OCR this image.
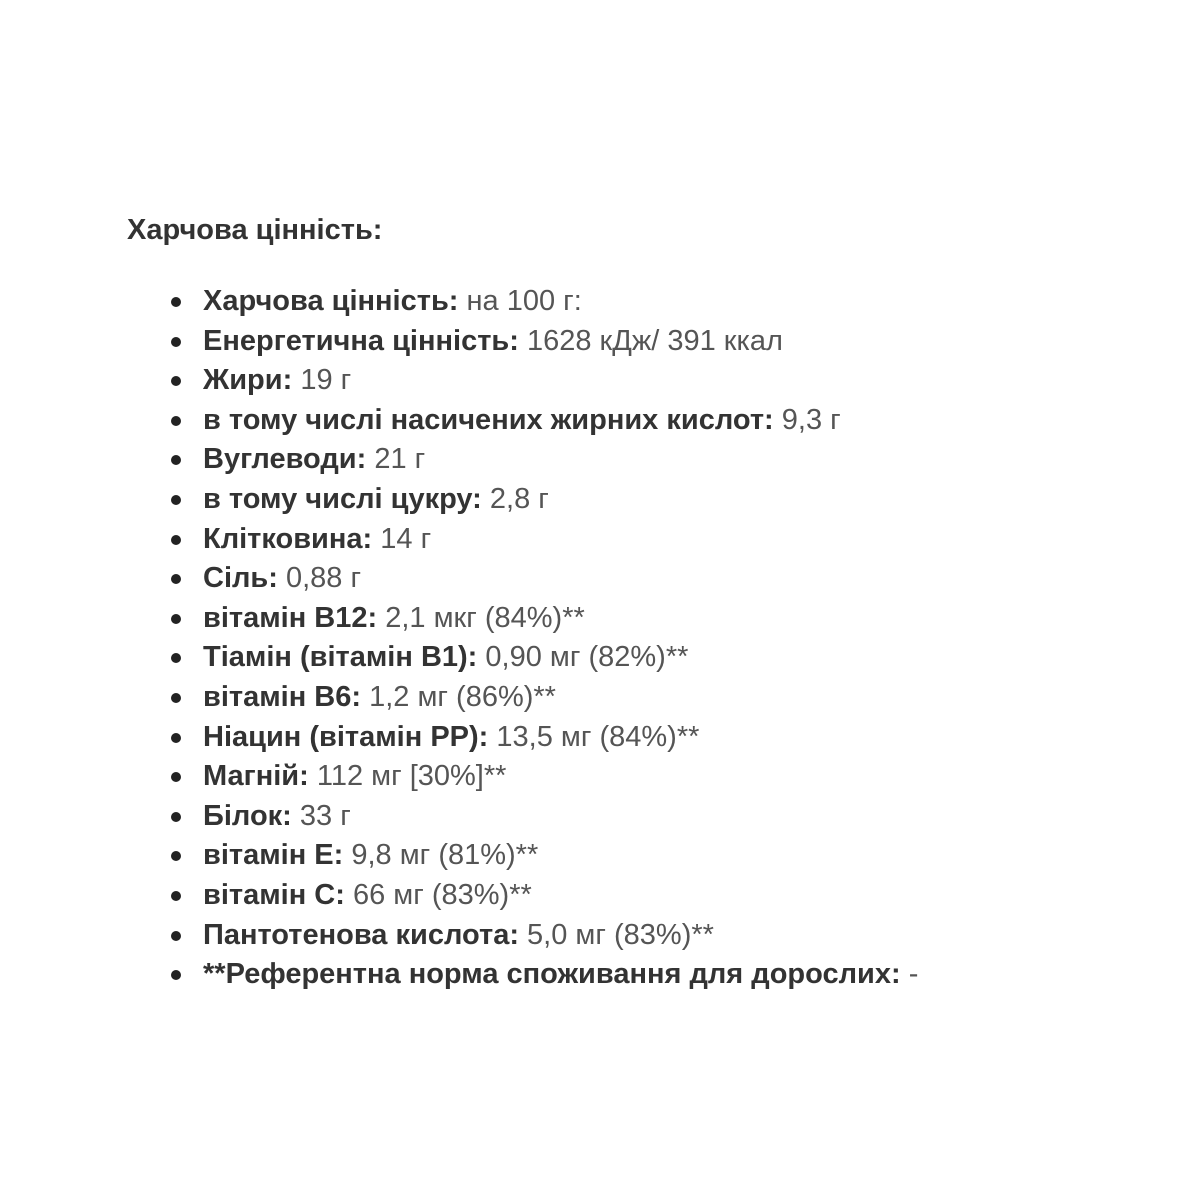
Харчова цінність:
Харчова цінність: на 100 г:
Енергетична цінність: 1628 кДж/ 391 ккал
Жири: 19 г
в тому числі насичених жирних кислот: 9,3 г
Вуглеводи: 21 г
в тому числі цукру: 2,8 г
Клітковина: 14 г
Сіль: 0,88 г
вітамін B12: 2,1 мкг (84%)**
Тіамін (вітамін B1): 0,90 мг (82%)**
вітамін B6: 1,2 мг (86%)**
Ніацин (вітамін PP): 13,5 мг (84%)**
Магній: 112 мг [30%]**
Білок: 33 г
вітамін E: 9,8 мг (81%)**
вітамін C: 66 мг (83%)**
Пантотенова кислота: 5,0 мг (83%)**
**Референтна норма споживання для дорослих: -
